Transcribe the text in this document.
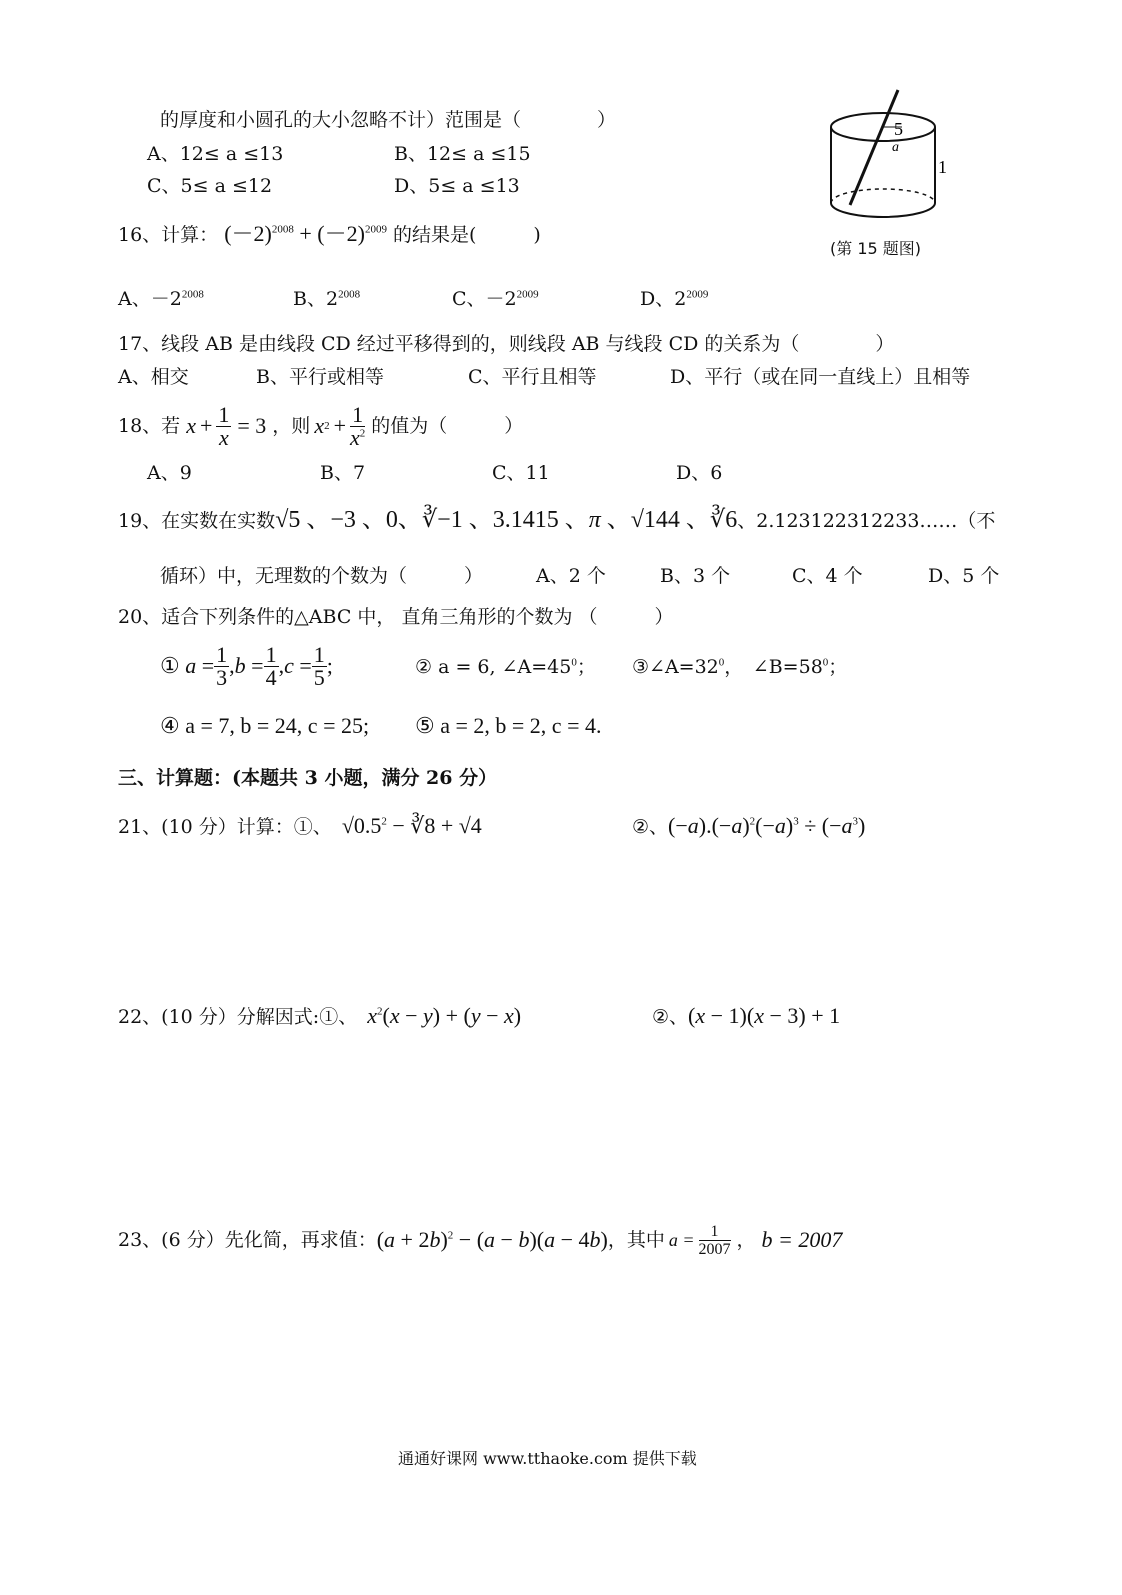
的厚度和小圆孔的大小忽略不计）范围是（　　　　）
A、12≤ a ≤13	B、12≤ a ≤15
C、5≤ a ≤12	D、5≤ a ≤13
a
5
1
(第 15 题图)
16、计算： $(-2)^{2008} + (-2)^{2009}$ 的结果是(　　　)
A、$-2^{2008}$	B、$2^{2008}$	C、$-2^{2009}$	D、$2^{2009}$
17、线段 AB 是由线段 CD 经过平移得到的，则线段 AB 与线段 CD 的关系为（　　　　）
A、相交	B、平行或相等	C、平行且相等	D、平行（或在同一直线上）且相等
18、若 $x + \frac{1}{x} = 3$ ，则 x $2 + \frac{1}{x^2}$ 的值为（　　　）
A、9	B、7	C、11	D、6
19、在实数在实数√5 、−3 、0、∛−1 、3.1415 、π 、√144 、∛6、2.123122312233……（不
循环）中，无理数的个数为（　　　）	A、2 个	B、3 个	C、4 个	D、5 个
20、适合下列条件的△ABC 中， 直角三角形的个数为 （　　　）
① $a = \frac{1}{3} ,b = \frac{1}{4} ,c = \frac{1}{5}$ ;	② a = 6, $\angle A=45^0$； $③\angle A=32^0$，　$\angle B=58^0$；
④ a = 7, b = 24, c = 25; ⑤ a = 2, b = 2, c = 4.
三、计算题：(本题共 3 小题，满分 26 分）
21、(10 分）计算：①、 $√0.5^2$ − ∛8 + √4	②、$(-a).(-a)^2(-a)^3 \div (-a^3)$
22、(10 分）分解因式:①、 $x^2(x - y) + (y - x)$	②、(x − 1)(x − 3) + 1
23、(6 分）先化简，再求值： $(a + 2b)^2 - (a - b)(a - 4b)$ ，其中 $a = \frac{1}{2007}$ ， b = 2007
通通好课网 www.tthaoke.com 提供下载
